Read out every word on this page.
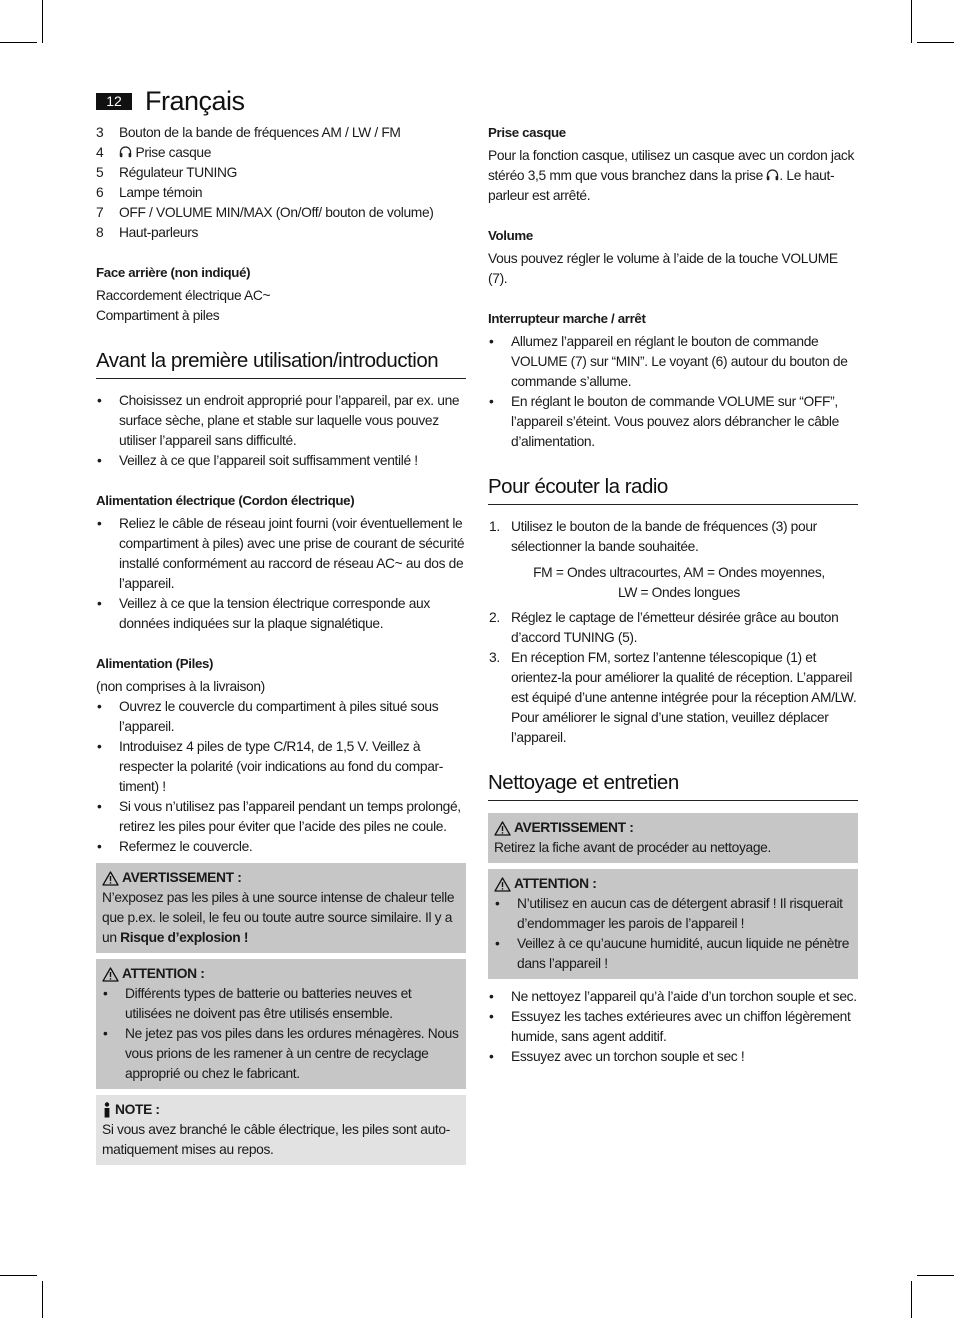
12 Français
3	Bouton de la bande de fréquences AM / LW / FM
4	Prise casque
5	Régulateur TUNING
6	Lampe témoin
7	OFF / VOLUME MIN/MAX (On/Off/ bouton de volume)
8	Haut-parleurs
Face arrière (non indiqué)
Raccordement électrique AC~
Compartiment à piles
Avant la première utilisation/introduction
•	Choisissez un endroit approprié pour l’appareil, par ex. une surface sèche, plane et stable sur laquelle vous pouvez utiliser l’appareil sans difficulté.
•	Veillez à ce que l’appareil soit suffisamment ventilé !
Alimentation électrique (Cordon électrique)
•	Reliez le câble de réseau joint fourni (voir éventuellement le compartiment à piles) avec une prise de courant de sécurité installé conformément au raccord de réseau AC~ au dos de l’appareil.
•	Veillez à ce que la tension électrique corresponde aux données indiquées sur la plaque signalétique.
Alimentation (Piles)
(non comprises à la livraison)
•	Ouvrez le couvercle du compartiment à piles situé sous l’appareil.
•	Introduisez 4 piles de type C/R14, de 1,5 V. Veillez à respecter la polarité (voir indications au fond du compartiment) !
•	Si vous n’utilisez pas l’appareil pendant un temps prolongé, retirez les piles pour éviter que l’acide des piles ne coule.
•	Refermez le couvercle.
AVERTISSEMENT :
N’exposez pas les piles à une source intense de chaleur telle que p.ex. le soleil, le feu ou toute autre source similaire. Il y a un Risque d’explosion !
ATTENTION :
•	Différents types de batterie ou batteries neuves et utilisées ne doivent pas être utilisés ensemble.
•	Ne jetez pas vos piles dans les ordures ménagères. Nous vous prions de les ramener à un centre de recyclage approprié ou chez le fabricant.
NOTE :
Si vous avez branché le câble électrique, les piles sont automatiquement mises au repos.
Prise casque
Pour la fonction casque, utilisez un casque avec un cordon jack stéréo 3,5 mm que vous branchez dans la prise . Le haut-parleur est arrêté.
Volume
Vous pouvez régler le volume à l’aide de la touche VOLUME (7).
Interrupteur marche / arrêt
•	Allumez l’appareil en réglant le bouton de commande VOLUME (7) sur “MIN”. Le voyant (6) autour du bouton de commande s’allume.
•	En réglant le bouton de commande VOLUME sur “OFF”, l’appareil s’éteint. Vous pouvez alors débrancher le câble d’alimentation.
Pour écouter la radio
1. Utilisez le bouton de la bande de fréquences (3) pour sélectionner la bande souhaitée.
FM = Ondes ultracourtes, AM = Ondes moyennes,
LW = Ondes longues
2. Réglez le captage de l’émetteur désirée grâce au bouton d’accord TUNING (5).
3. En réception FM, sortez l’antenne télescopique (1) et orientez-la pour améliorer la qualité de réception. L’appareil est équipé d’une antenne intégrée pour la réception AM/LW. Pour améliorer le signal d’une station, veuillez déplacer l’appareil.
Nettoyage et entretien
AVERTISSEMENT :
Retirez la fiche avant de procéder au nettoyage.
ATTENTION :
•	N’utilisez en aucun cas de détergent abrasif ! Il risquerait d’endommager les parois de l’appareil !
•	Veillez à ce qu’aucune humidité, aucun liquide ne pénètre dans l’appareil !
•	Ne nettoyez l’appareil qu’à l’aide d’un torchon souple et sec.
•	Essuyez les taches extérieures avec un chiffon légèrement humide, sans agent additif.
•	Essuyez avec un torchon souple et sec !
